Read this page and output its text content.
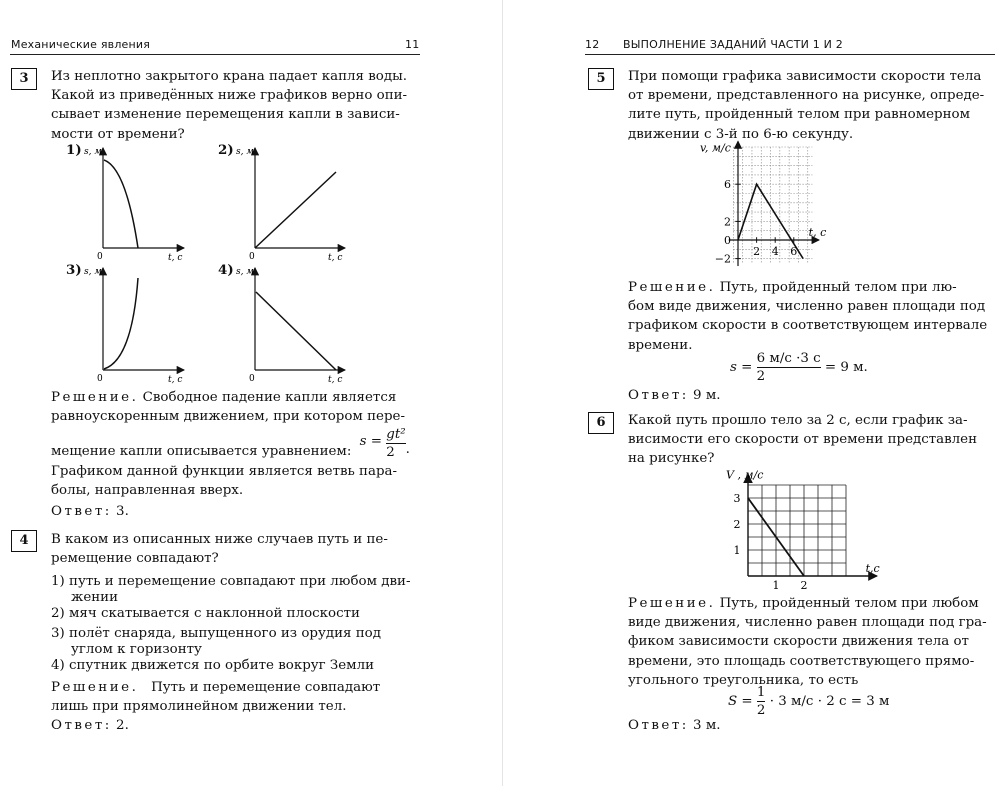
Механические явления	11
3	Из неплотно закрытого крана падает капля воды.
Какой из приведённых ниже графиков верно опи-
сывает изменение перемещения капли в зависи-
мости от времени?
1)	2)
3)	4)
s, м
t, c
0
s, м
t, c
0
s, м
t, c
0
s, м
t, c
0
Решение. Свободное падение капли является
равноускоренным движением, при котором пере-
мещение капли описывается уравнением: $s = \frac{\text{gt²}}{2}$ .
Графиком данной функции является ветвь пара-
болы, направленная вверх.
Ответ: 3.
4	В каком из описанных ниже случаев путь и пе-
ремещение совпадают?
1) путь и перемещение совпадают при любом дви-
жении
2) мяч скатывается с наклонной плоскости
3) полёт снаряда, выпущенного из орудия под
углом к горизонту
4) спутник движется по орбите вокруг Земли
Решение. Путь и перемещение совпадают
лишь при прямолинейном движении тел.
Ответ: 2.
12 ВЫПОЛНЕНИЕ ЗАДАНИЙ ЧАСТИ 1 И 2
5	При помощи графика зависимости скорости тела
от времени, представленного на рисунке, опреде-
лите путь, пройденный телом при равномерном
движении с 3-й по 6-ю секунду.
6
2
0
−2
2 4 6
v, м/с
t, c
Решение. Путь, пройденный телом при лю-
бом виде движения, численно равен площади под
графиком скорости в соответствующем интервале
времени.
$s = \frac{6 м/с \cdot 3 с}{2} = 9$ м.
Ответ: 9 м.
6	Какой путь прошло тело за 2 с, если график за-
висимости его скорости от времени представлен
на рисунке?
3
2
1
1 2
V , м/с
t,c
Решение. Путь, пройденный телом при любом
виде движения, численно равен площади под гра-
фиком зависимости скорости движения тела от
времени, это площадь соответствующего прямо-
угольного треугольника, то есть
$S = \frac{1}{2} \cdot 3$ м/с · 2 с = 3 м
Ответ: 3 м.
